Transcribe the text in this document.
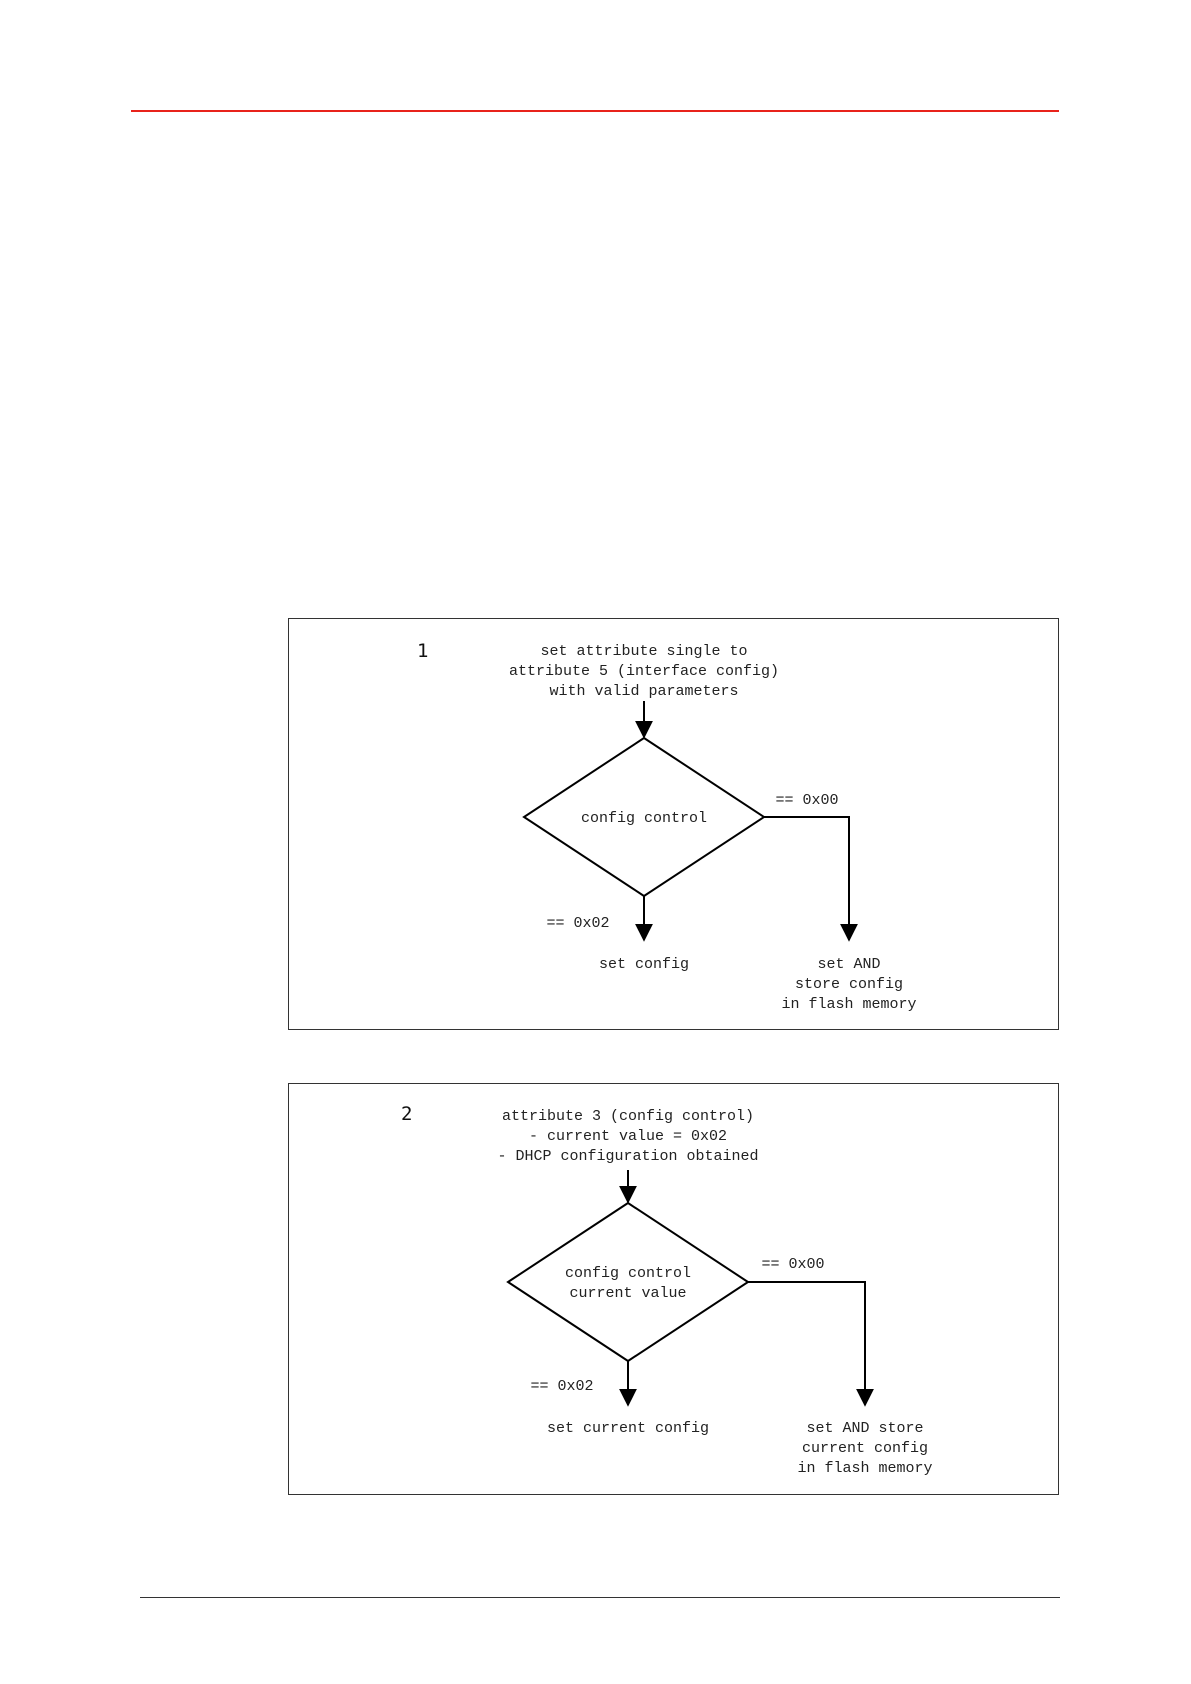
1	set attribute single to
attribute 5 (interface config)
with valid parameters
config control
== 0x00
== 0x02
set config	set AND
store config
in flash memory
2	attribute 3 (config control)
- current value = 0x02
- DHCP configuration obtained
config control
current value
== 0x00
== 0x02
set current config	set AND store
current config
in flash memory
